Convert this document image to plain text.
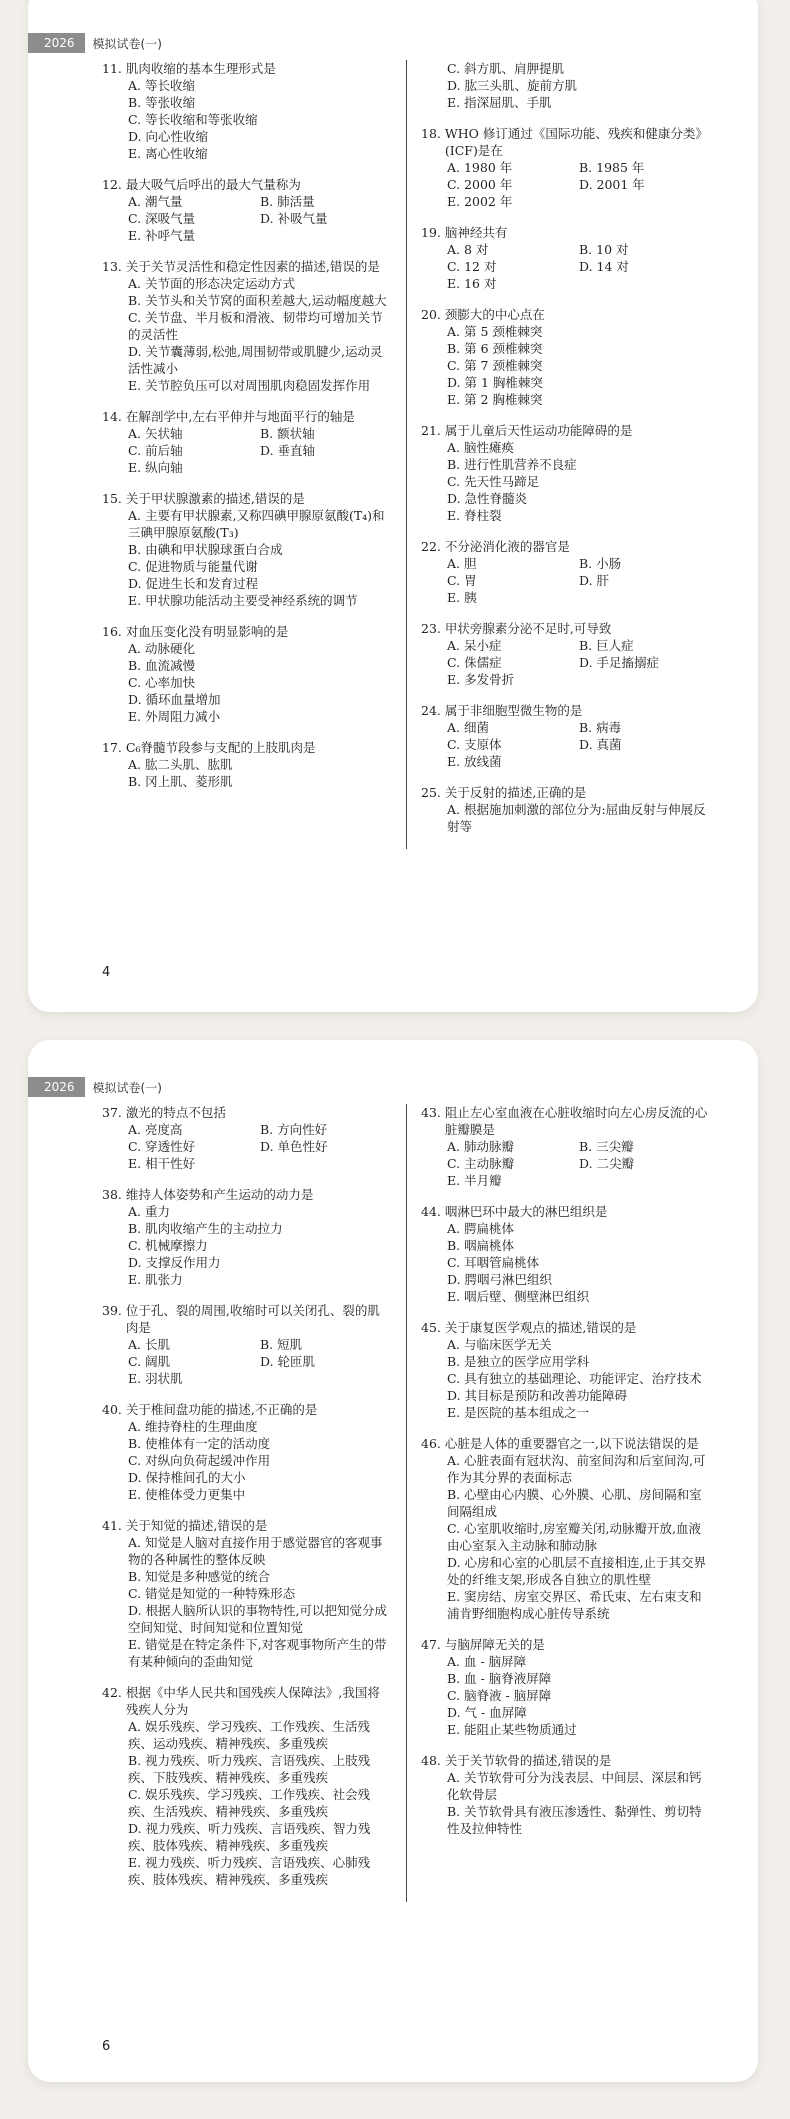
2026	模拟试卷(一)
11. 肌肉收缩的基本生理形式是
A. 等长收缩
B. 等张收缩
C. 等长收缩和等张收缩
D. 向心性收缩
E. 离心性收缩
12. 最大吸气后呼出的最大气量称为
A. 潮气量	B. 肺活量
C. 深吸气量	D. 补吸气量
E. 补呼气量
13. 关于关节灵活性和稳定性因素的描述,错误的是
A. 关节面的形态决定运动方式
B. 关节头和关节窝的面积差越大,运动幅度越大
C. 关节盘、半月板和滑液、韧带均可增加关节的灵活性
D. 关节囊薄弱,松弛,周围韧带或肌腱少,运动灵活性减小
E. 关节腔负压可以对周围肌肉稳固发挥作用
14. 在解剖学中,左右平伸并与地面平行的轴是
A. 矢状轴	B. 额状轴
C. 前后轴	D. 垂直轴
E. 纵向轴
15. 关于甲状腺激素的描述,错误的是
A. 主要有甲状腺素,又称四碘甲腺原氨酸(T₄)和三碘甲腺原氨酸(T₃)
B. 由碘和甲状腺球蛋白合成
C. 促进物质与能量代谢
D. 促进生长和发育过程
E. 甲状腺功能活动主要受神经系统的调节
16. 对血压变化没有明显影响的是
A. 动脉硬化
B. 血流减慢
C. 心率加快
D. 循环血量增加
E. 外周阻力减小
17. C₆脊髓节段参与支配的上肢肌肉是
A. 肱二头肌、肱肌
B. 冈上肌、菱形肌
C. 斜方肌、肩胛提肌
D. 肱三头肌、旋前方肌
E. 指深屈肌、手肌
18. WHO 修订通过《国际功能、残疾和健康分类》(ICF)是在
A. 1980 年	B. 1985 年
C. 2000 年	D. 2001 年
E. 2002 年
19. 脑神经共有
A. 8 对	B. 10 对
C. 12 对	D. 14 对
E. 16 对
20. 颈膨大的中心点在
A. 第 5 颈椎棘突
B. 第 6 颈椎棘突
C. 第 7 颈椎棘突
D. 第 1 胸椎棘突
E. 第 2 胸椎棘突
21. 属于儿童后天性运动功能障碍的是
A. 脑性瘫痪
B. 进行性肌营养不良症
C. 先天性马蹄足
D. 急性脊髓炎
E. 脊柱裂
22. 不分泌消化液的器官是
A. 胆	B. 小肠
C. 胃	D. 肝
E. 胰
23. 甲状旁腺素分泌不足时,可导致
A. 呆小症	B. 巨人症
C. 侏儒症	D. 手足搐搦症
E. 多发骨折
24. 属于非细胞型微生物的是
A. 细菌	B. 病毒
C. 支原体	D. 真菌
E. 放线菌
25. 关于反射的描述,正确的是
A. 根据施加刺激的部位分为:屈曲反射与伸展反射等
4
2026	模拟试卷(一)
37. 激光的特点不包括
A. 亮度高	B. 方向性好
C. 穿透性好	D. 单色性好
E. 相干性好
38. 维持人体姿势和产生运动的动力是
A. 重力
B. 肌肉收缩产生的主动拉力
C. 机械摩擦力
D. 支撑反作用力
E. 肌张力
39. 位于孔、裂的周围,收缩时可以关闭孔、裂的肌肉是
A. 长肌	B. 短肌
C. 阔肌	D. 轮匝肌
E. 羽状肌
40. 关于椎间盘功能的描述,不正确的是
A. 维持脊柱的生理曲度
B. 使椎体有一定的活动度
C. 对纵向负荷起缓冲作用
D. 保持椎间孔的大小
E. 使椎体受力更集中
41. 关于知觉的描述,错误的是
A. 知觉是人脑对直接作用于感觉器官的客观事物的各种属性的整体反映
B. 知觉是多种感觉的统合
C. 错觉是知觉的一种特殊形态
D. 根据人脑所认识的事物特性,可以把知觉分成空间知觉、时间知觉和位置知觉
E. 错觉是在特定条件下,对客观事物所产生的带有某种倾向的歪曲知觉
42. 根据《中华人民共和国残疾人保障法》,我国将残疾人分为
A. 娱乐残疾、学习残疾、工作残疾、生活残疾、运动残疾、精神残疾、多重残疾
B. 视力残疾、听力残疾、言语残疾、上肢残疾、下肢残疾、精神残疾、多重残疾
C. 娱乐残疾、学习残疾、工作残疾、社会残疾、生活残疾、精神残疾、多重残疾
D. 视力残疾、听力残疾、言语残疾、智力残疾、肢体残疾、精神残疾、多重残疾
E. 视力残疾、听力残疾、言语残疾、心肺残疾、肢体残疾、精神残疾、多重残疾
43. 阻止左心室血液在心脏收缩时向左心房反流的心脏瓣膜是
A. 肺动脉瓣	B. 三尖瓣
C. 主动脉瓣	D. 二尖瓣
E. 半月瓣
44. 咽淋巴环中最大的淋巴组织是
A. 腭扁桃体
B. 咽扁桃体
C. 耳咽管扁桃体
D. 腭咽弓淋巴组织
E. 咽后壁、侧壁淋巴组织
45. 关于康复医学观点的描述,错误的是
A. 与临床医学无关
B. 是独立的医学应用学科
C. 具有独立的基础理论、功能评定、治疗技术
D. 其目标是预防和改善功能障碍
E. 是医院的基本组成之一
46. 心脏是人体的重要器官之一,以下说法错误的是
A. 心脏表面有冠状沟、前室间沟和后室间沟,可作为其分界的表面标志
B. 心壁由心内膜、心外膜、心肌、房间隔和室间隔组成
C. 心室肌收缩时,房室瓣关闭,动脉瓣开放,血液由心室泵入主动脉和肺动脉
D. 心房和心室的心肌层不直接相连,止于其交界处的纤维支架,形成各自独立的肌性壁
E. 窦房结、房室交界区、希氏束、左右束支和浦肯野细胞构成心脏传导系统
47. 与脑屏障无关的是
A. 血 - 脑屏障
B. 血 - 脑脊液屏障
C. 脑脊液 - 脑屏障
D. 气 - 血屏障
E. 能阻止某些物质通过
48. 关于关节软骨的描述,错误的是
A. 关节软骨可分为浅表层、中间层、深层和钙化软骨层
B. 关节软骨具有液压渗透性、黏弹性、剪切特性及拉伸特性
6
